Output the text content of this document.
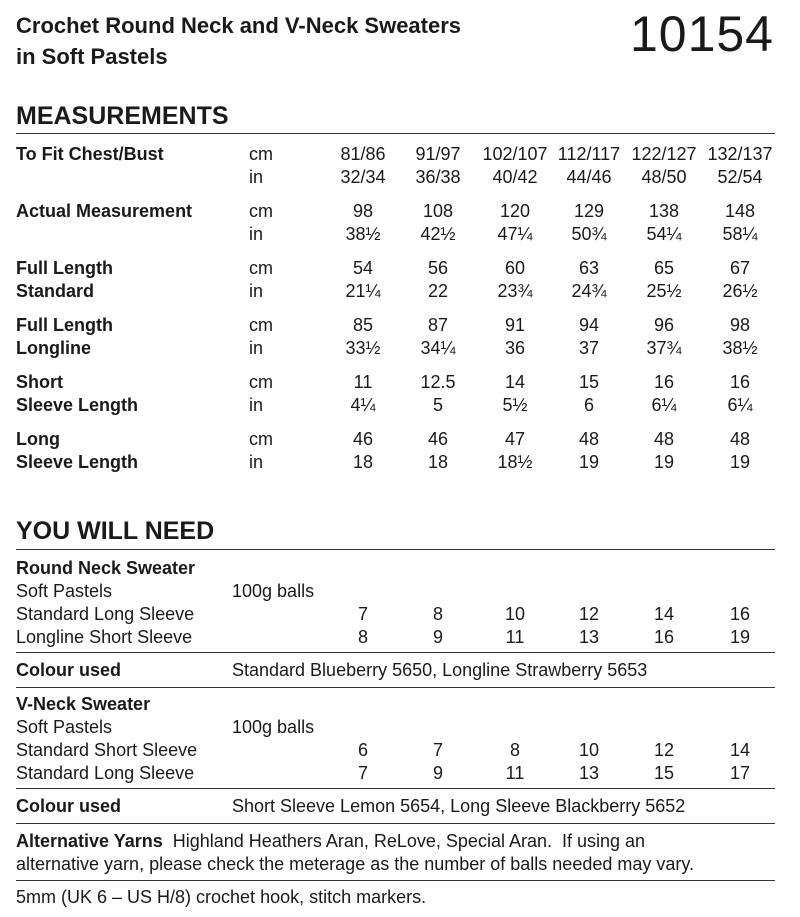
Crochet Round Neck and V-Neck Sweaters
in Soft Pastels	10154
MEASUREMENTS
To Fit Chest/Bust	cm	81/86	91/97	102/107 112/117 122/127 132/137
in	32/34	36/38	40/42	44/46	48/50	52/54
Actual Measurement	cm	98	108	120	129	138	148
in	38½	42½	47¼	50¾	54¼	58¼
Full Length	cm	54	56	60	63	65	67
Standard	in	21¼	22	23¾	24¾	25½	26½
Full Length	cm	85	87	91	94	96	98
Longline	in	33½	34¼	36	37	37¾	38½
Short	cm	11	12.5	14	15	16	16
Sleeve Length	in	4¼	5	5½	6	6¼	6¼
Long	cm	46	46	47	48	48	48
Sleeve Length	in	18	18	18½	19	19	19
YOU WILL NEED
Round Neck Sweater
Soft Pastels	100g balls
Standard Long Sleeve	7	8	10	12	14	16
Longline Short Sleeve	8	9	11	13	16	19
Colour used	Standard Blueberry 5650, Longline Strawberry 5653
V-Neck Sweater
Soft Pastels	100g balls
Standard Short Sleeve	6	7	8	10	12	14
Standard Long Sleeve	7	9	11	13	15	17
Colour used	Short Sleeve Lemon 5654, Long Sleeve Blackberry 5652
Alternative Yarns  Highland Heathers Aran, ReLove, Special Aran.  If using an
alternative yarn, please check the meterage as the number of balls needed may vary.
5mm (UK 6 – US H/8) crochet hook, stitch markers.
